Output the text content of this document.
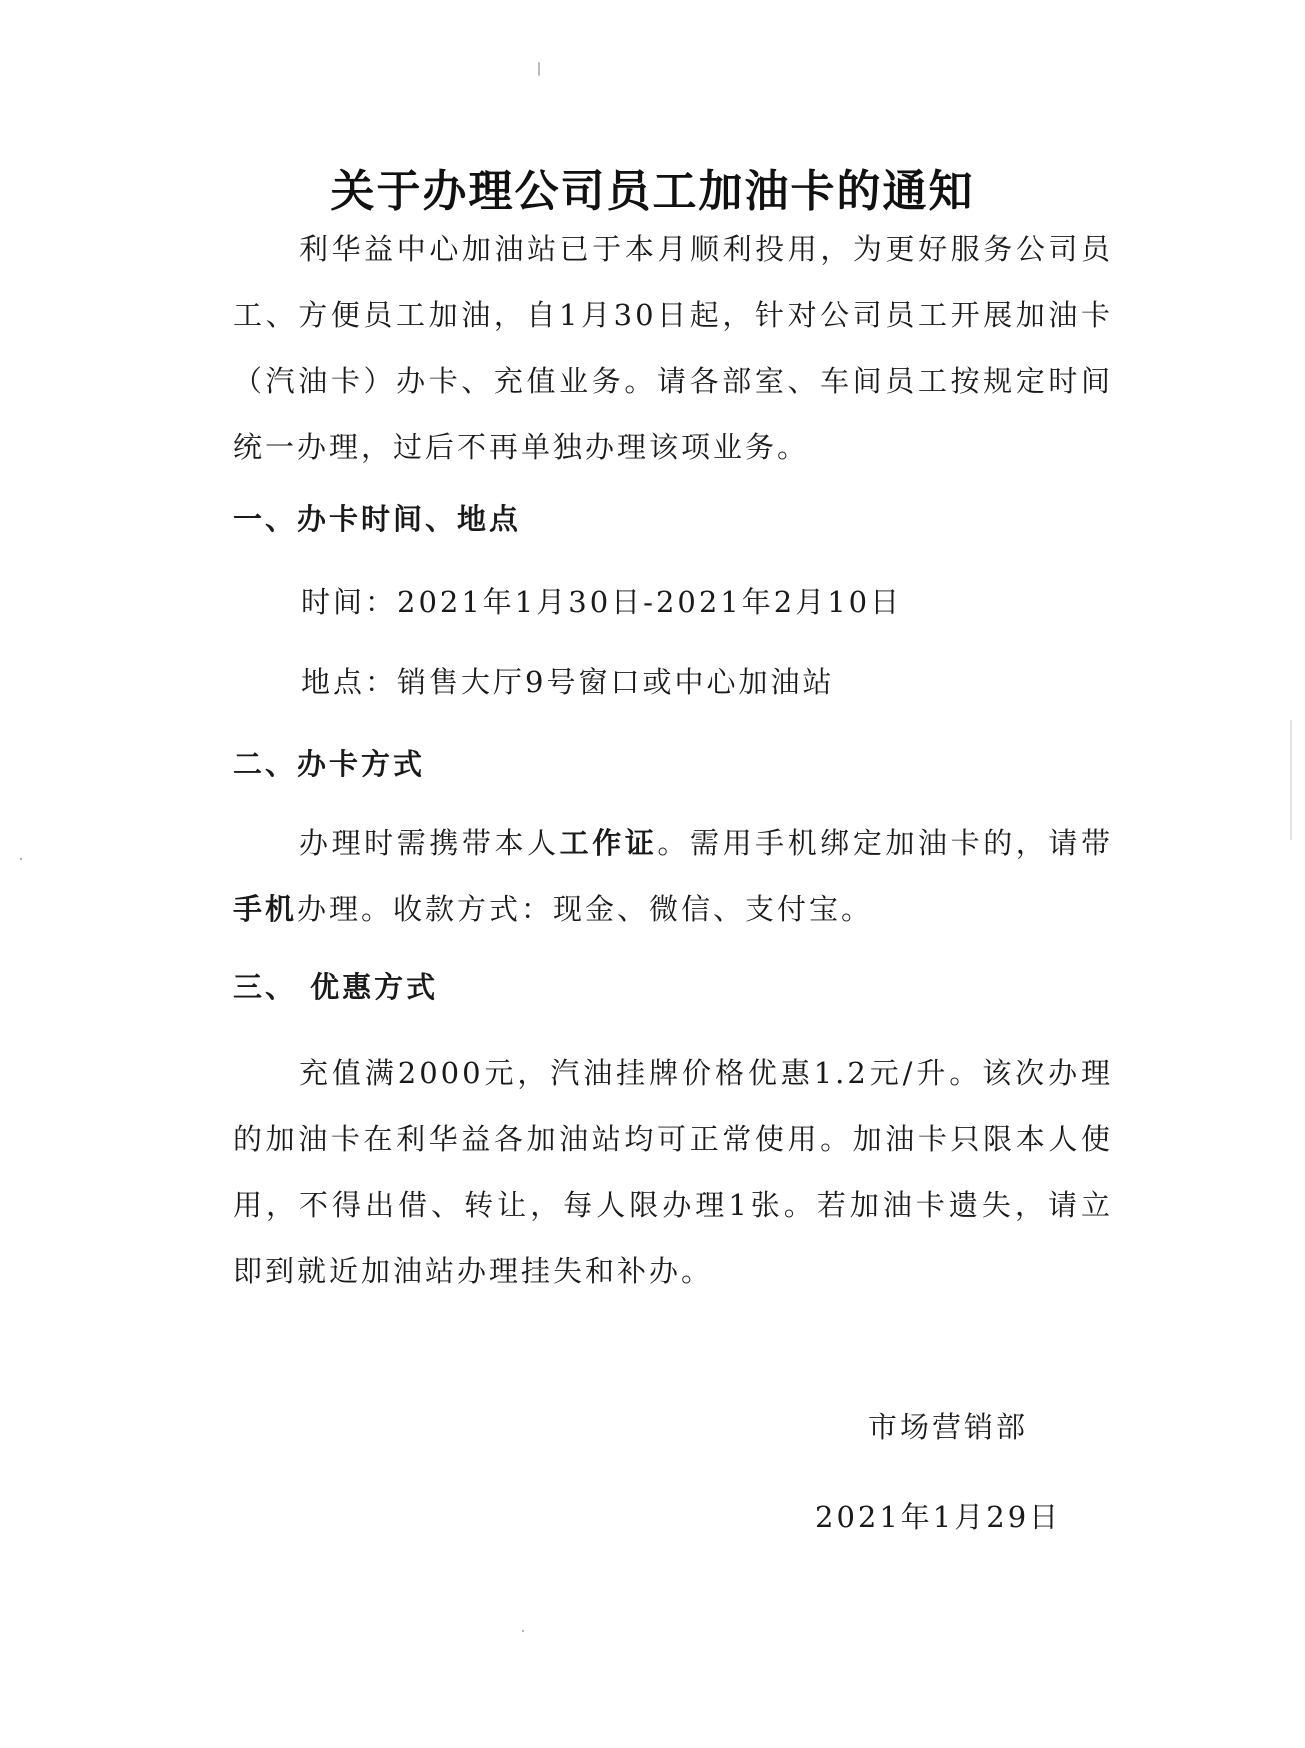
关于办理公司员工加油卡的通知
利华益中心加油站已于本月顺利投用，为更好服务公司员工、方便员工加油，自1月30日起，针对公司员工开展加油卡（汽油卡）办卡、充值业务。请各部室、车间员工按规定时间统一办理，过后不再单独办理该项业务。
一、办卡时间、地点
时间：2021年1月30日-2021年2月10日
地点：销售大厅9号窗口或中心加油站
二、办卡方式
办理时需携带本人工作证。需用手机绑定加油卡的，请带手机办理。收款方式：现金、微信、支付宝。
三、 优惠方式
充值满2000元，汽油挂牌价格优惠1.2元/升。该次办理的加油卡在利华益各加油站均可正常使用。加油卡只限本人使用，不得出借、转让，每人限办理1张。若加油卡遗失，请立即到就近加油站办理挂失和补办。
市场营销部
2021年1月29日
